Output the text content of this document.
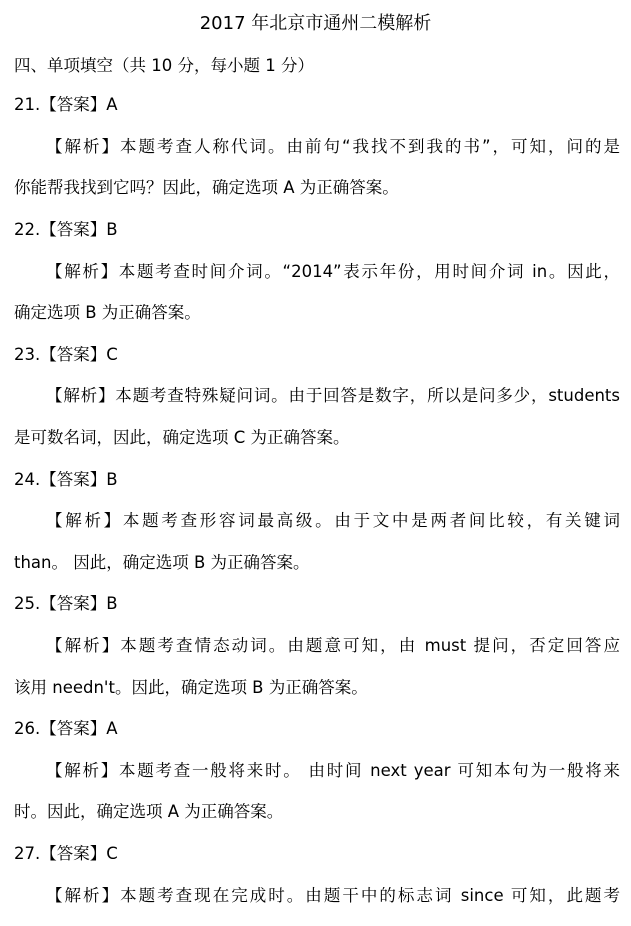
2017 年北京市通州二模解析
四、单项填空（共 10 分，每小题 1 分）
21.【答案】A
【解析】本题考查人称代词。由前句“我找不到我的书”，可知，问的是
你能帮我找到它吗？因此，确定选项 A 为正确答案。
22.【答案】B
【解析】本题考查时间介词。“2014”表示年份，用时间介词 in。因此，
确定选项 B 为正确答案。
23.【答案】C
【解析】本题考查特殊疑问词。由于回答是数字，所以是问多少，students
是可数名词，因此，确定选项 C 为正确答案。
24.【答案】B
【解析】本题考查形容词最高级。由于文中是两者间比较，有关键词
than。 因此，确定选项 B 为正确答案。
25.【答案】B
【解析】本题考查情态动词。由题意可知，由 must 提问，否定回答应
该用 needn't。因此，确定选项 B 为正确答案。
26.【答案】A
【解析】本题考查一般将来时。 由时间 next year 可知本句为一般将来
时。因此，确定选项 A 为正确答案。
27.【答案】C
【解析】本题考查现在完成时。由题干中的标志词 since 可知，此题考
